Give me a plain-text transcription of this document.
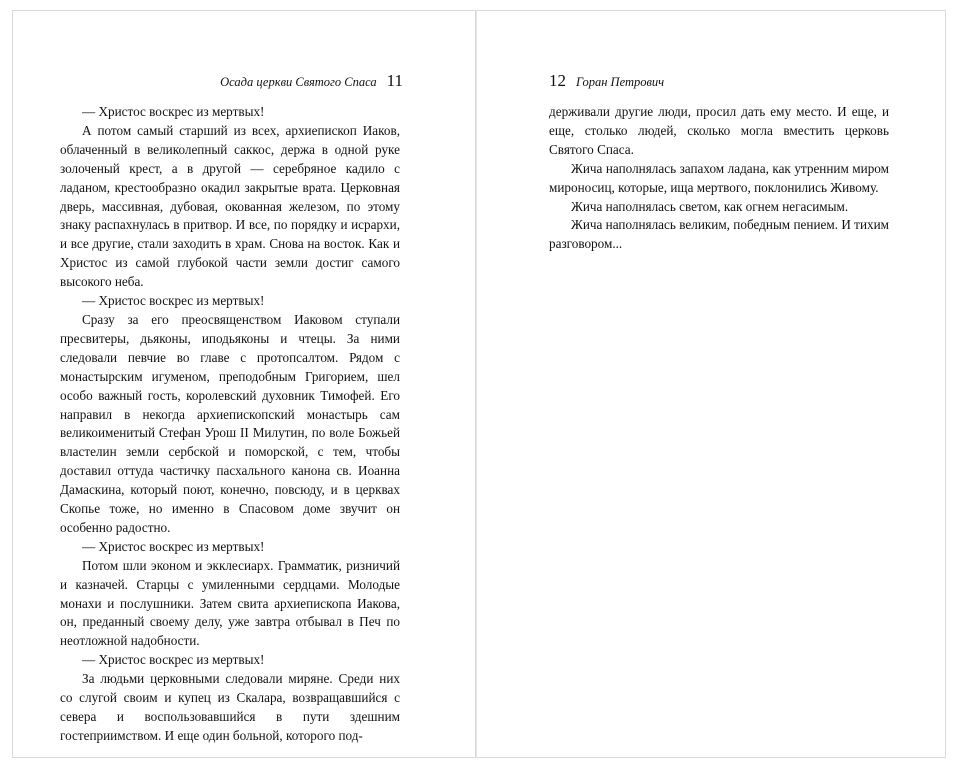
Осада церкви Святого Спаса 11

— Христос воскрес из мертвых!

А потом самый старший из всех, архиепископ Иаков, облаченный в великолепный саккос, держа в одной руке золоченый крест, а в другой — серебряное кадило с ладаном, крестообразно окадил закрытые врата. Церковная дверь, массивная, дубовая, окованная железом, по этому знаку распахнулась в притвор. И все, по порядку и исрархи, и все другие, стали заходить в храм. Снова на восток. Как и Христос из самой глубокой части земли достиг самого высокого неба.

— Христос воскрес из мертвых!

Сразу за его преосвященством Иаковом ступали пресвитеры, дьяконы, иподьяконы и чтецы. За ними следовали певчие во главе с протопсалтом. Рядом с монастырским игуменом, преподобным Григорием, шел особо важный гость, королевский духовник Тимофей. Его направил в некогда архиепископский монастырь сам великоименитый Стефан Урош II Милутин, по воле Божьей властелин земли сербской и поморской, с тем, чтобы доставил оттуда частичку пасхального канона св. Иоанна Дамаскина, который поют, конечно, повсюду, и в церквах Скопье тоже, но именно в Спасовом доме звучит он особенно радостно.

— Христос воскрес из мертвых!

Потом шли эконом и экклесиарх. Грамматик, ризничий и казначей. Старцы с умиленными сердцами. Молодые монахи и послушники. Затем свита архиепископа Иакова, он, преданный своему делу, уже завтра отбывал в Печ по неотложной надобности.

— Христос воскрес из мертвых!

За людьми церковными следовали миряне. Среди них со слугой своим и купец из Скалара, возвращавшийся с севера и воспользовавшийся в пути здешним гостеприимством. И еще один больной, которого под-

12 Горан Петрович

держивали другие люди, просил дать ему место. И еще, и еще, столько людей, сколько могла вместить церковь Святого Спаса.

Жича наполнялась запахом ладана, как утренним миром мироносиц, которые, ища мертвого, поклонились Живому.

Жича наполнялась светом, как огнем негасимым.

Жича наполнялась великим, победным пением. И тихим разговором...
